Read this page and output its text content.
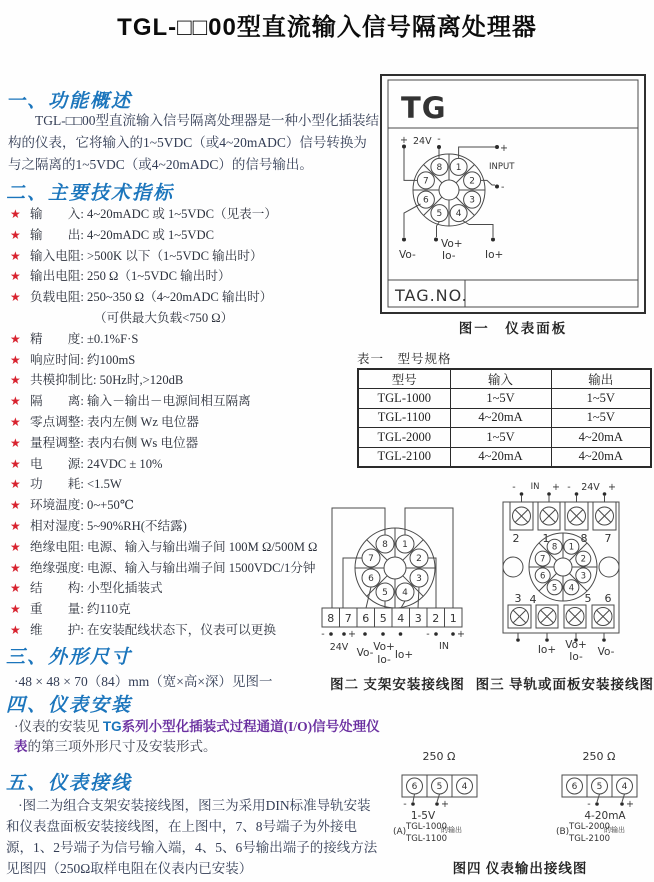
TGL-□□00型直流输入信号隔离处理器
一、功能概述
TGL-□□00型直流输入信号隔离处理器是一种小型化插装结构的仪表，它将输入的1~5VDC（或4~20mADC）信号转换为与之隔离的1~5VDC（或4~20mADC）的信号输出。
二、主要技术指标
★ 输　　入: 4~20mADC 或 1~5VDC（见表一）
★ 输　　出: 4~20mADC 或 1~5VDC
★ 输入电阻: >500K 以下（1~5VDC 输出时）
★ 输出电阻: 250 Ω（1~5VDC 输出时）
★ 负载电阻: 250~350 Ω（4~20mADC 输出时）
（可供最大负载<750 Ω）
★ 精　　度: ±0.1%F·S
★ 响应时间: 约100mS
★ 共模抑制比: 50Hz时,>120dB
★ 隔　　离: 输入－输出－电源间相互隔离
★ 零点调整: 表内左侧 Wz 电位器
★ 量程调整: 表内右侧 Ws 电位器
★ 电　　源: 24VDC ± 10%
★ 功　　耗: <1.5W
★ 环境温度: 0~+50℃
★ 相对湿度: 5~90%RH(不结露)
★ 绝缘电阻: 电源、输入与输出端子间 100M Ω/500M Ω
★ 绝缘强度: 电源、输入与输出端子间 1500VDC/1分钟
★ 结　　构: 小型化插装式
★ 重　　量: 约110克
★ 维　　护: 在安装配线状态下，仪表可以更换
三、外形尺寸
·48 × 48 × 70（84）mm（宽×高×深）见图一
四、仪表安装
·仪表的安装见 TG系列小型化插装式过程通道(I/O)信号处理仪表的第三项外形尺寸及安装形式。
五、仪表接线
·图二为组合支架安装接线图，图三为采用DIN标准导轨安装和仪表盘面板安装接线图，在上图中，7、8号端子为外接电源，1、2号端子为信号输入端，4、5、6号输出端子的接线方法见图四（250Ω取样电阻在仪表内已安装）
TG
TAG.NO.
1
2
3
4
5
6
7
8
+ 24V -
+
INPUT
-
Vo+
Vo- Io-	Io+
图一　仪表面板
表一　型号规格
型号	输入	输出
TGL-1000	1~5V	1~5V
TGL-1100	4~20mA	1~5V
TGL-2000	1~5V	4~20mA
TGL-2100	4~20mA	4~20mA
1
2
3
4
5
6
7
8
8 7 6 5 4 3 2 1
- +
24V Vo- Vo+
Io- Io+
-	+
IN
- IN + - 24V +
2 1	8 7
1
2
3
4
5
6
7
8
3 4	5 6
Io+ Vo+
Io- Vo-
图二 支架安装接线图 图三 导轨或面板安装接线图
250 Ω
6 5 4
-	+
1-5V
(A) TGL-1000
TGL-1100
的输出
250 Ω
6 5 4
-	+
4-20mA
(B) TGL-2000
TGL-2100
的输出
图四 仪表输出接线图
